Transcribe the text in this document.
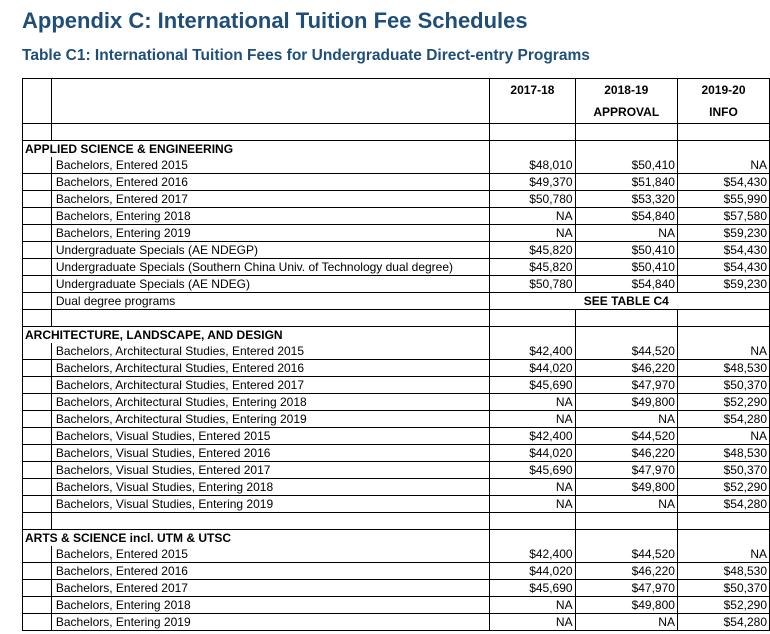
Appendix C: International Tuition Fee Schedules
Table C1: International Tuition Fees for Undergraduate Direct-entry Programs
		2017-18	2018-19	2019-20
			APPROVAL	INFO

APPLIED SCIENCE & ENGINEERING				
	Bachelors, Entered 2015	$48,010	$50,410	NA
	Bachelors, Entered 2016	$49,370	$51,840	$54,430
	Bachelors, Entered 2017	$50,780	$53,320	$55,990
	Bachelors, Entering 2018	NA	$54,840	$57,580
	Bachelors, Entering 2019	NA	NA	$59,230
	Undergraduate Specials (AE NDEGP)	$45,820	$50,410	$54,430
	Undergraduate Specials (Southern China Univ. of Technology dual degree)	$45,820	$50,410	$54,430
	Undergraduate Specials (AE NDEG)	$50,780	$54,840	$59,230
	Dual degree programs		SEE TABLE C4	

ARCHITECTURE, LANDSCAPE, AND DESIGN				
	Bachelors, Architectural Studies, Entered 2015	$42,400	$44,520	NA
	Bachelors, Architectural Studies, Entered 2016	$44,020	$46,220	$48,530
	Bachelors, Architectural Studies, Entered 2017	$45,690	$47,970	$50,370
	Bachelors, Architectural Studies, Entering 2018	NA	$49,800	$52,290
	Bachelors, Architectural Studies, Entering 2019	NA	NA	$54,280
	Bachelors, Visual Studies, Entered 2015	$42,400	$44,520	NA
	Bachelors, Visual Studies, Entered 2016	$44,020	$46,220	$48,530
	Bachelors, Visual Studies, Entered 2017	$45,690	$47,970	$50,370
	Bachelors, Visual Studies, Entering 2018	NA	$49,800	$52,290
	Bachelors, Visual Studies, Entering 2019	NA	NA	$54,280

ARTS & SCIENCE incl. UTM & UTSC				
	Bachelors, Entered 2015	$42,400	$44,520	NA
	Bachelors, Entered 2016	$44,020	$46,220	$48,530
	Bachelors, Entered 2017	$45,690	$47,970	$50,370
	Bachelors, Entering 2018	NA	$49,800	$52,290
	Bachelors, Entering 2019	NA	NA	$54,280
